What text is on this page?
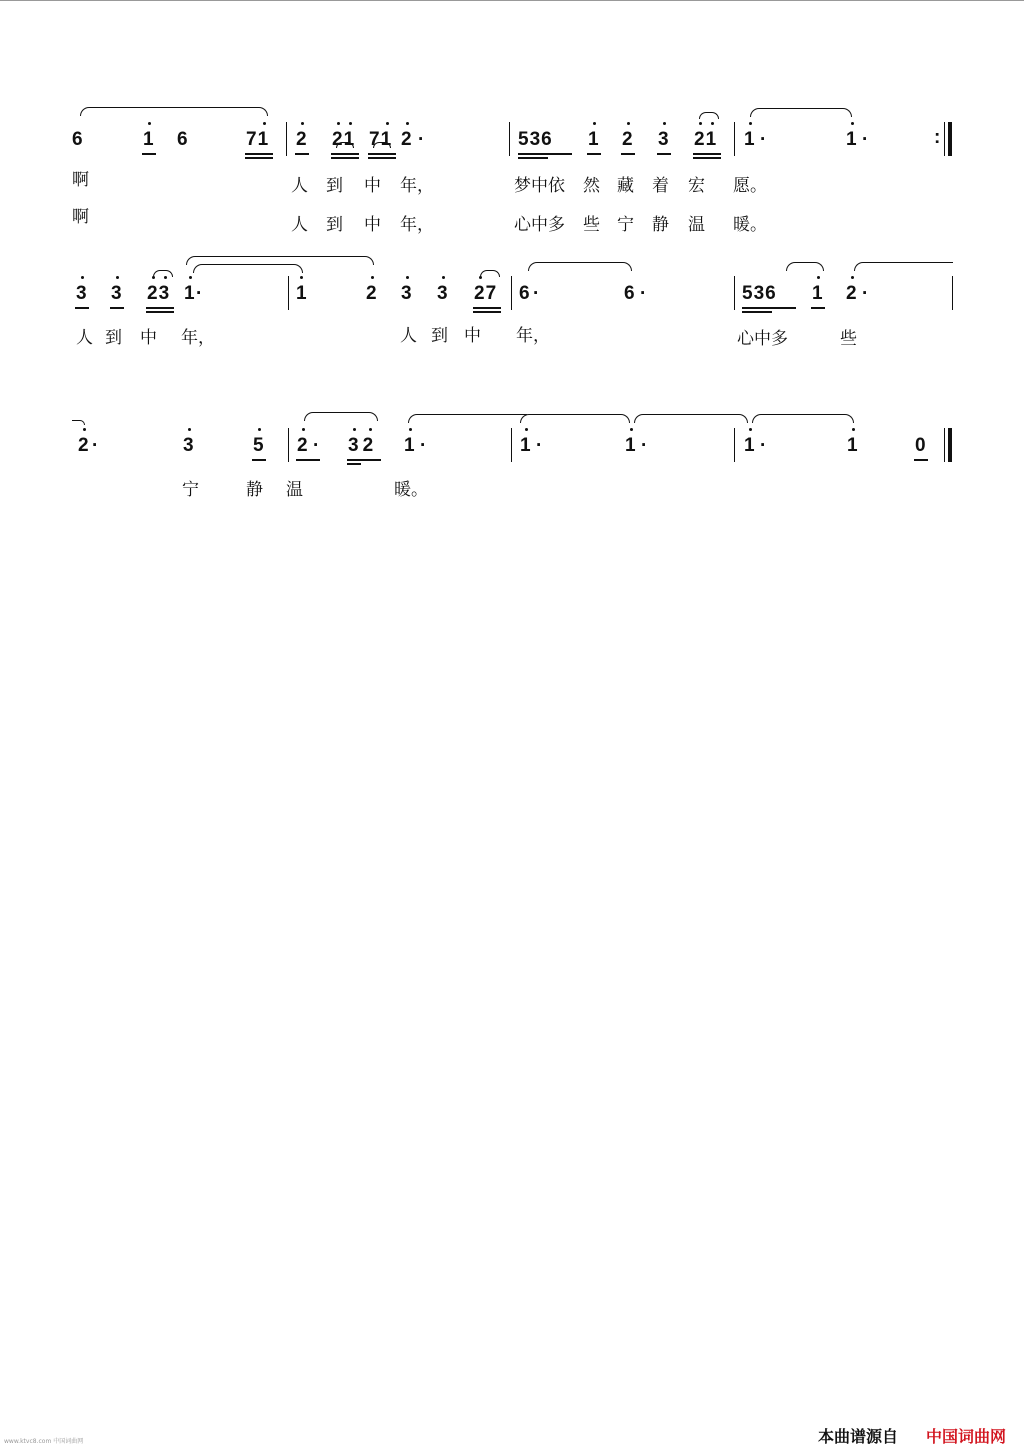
6	1 6	71 2 21 71 2 ·	536 1 2 3 21 1 ·	1 ·	:
啊	人 到 中 年，	梦中依 然 藏 着 宏 愿。
啊	人 到 中 年，	心中多 些 宁 静 温 暖。
3 3 23 1 ·	1	2 3 3 27 6 ·	6 ·	536 1 2 ·
人 到 中 年，	人 到 中 年，	心中多	些
2 ·	3	5 2 · 32 1 ·	1 ·	1 ·	1 ·	1	0
宁	静 温	暖。
www.ktvc8.com 中国词曲网	本曲谱源自 中国词曲网
